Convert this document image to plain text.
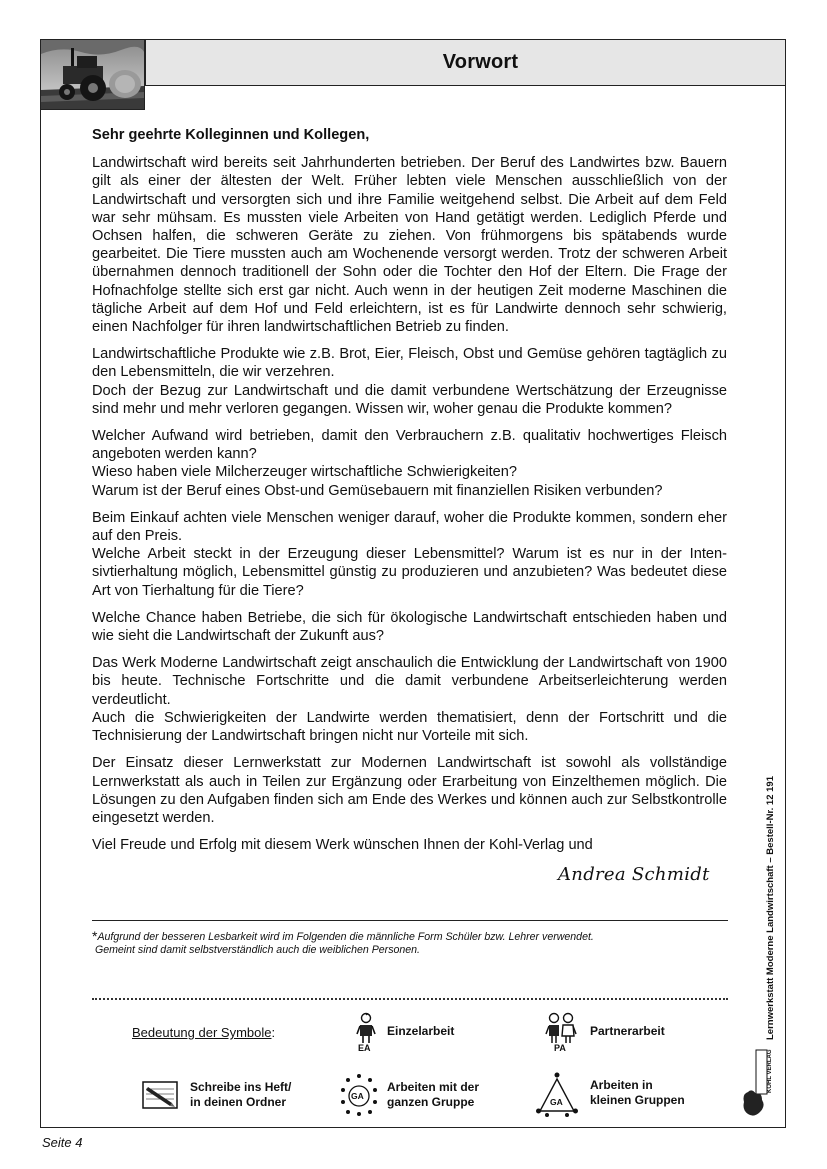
Vorwort

Sehr geehrte Kolleginnen und Kollegen,

Landwirtschaft wird bereits seit Jahrhunderten betrieben. Der Beruf des Landwirtes bzw. Bauern gilt als einer der ältesten der Welt. Früher lebten viele Menschen ausschließlich von der Landwirtschaft und versorgten sich und ihre Familie weitgehend selbst. Die Arbeit auf dem Feld war sehr mühsam. Es mussten viele Arbeiten von Hand getätigt werden. Lediglich Pferde und Ochsen halfen, die schweren Geräte zu ziehen. Von frühmorgens bis spätabends wurde gearbeitet. Die Tiere mussten auch am Wochenende versorgt werden. Trotz der schweren Arbeit übernahmen dennoch traditionell der Sohn oder die Tochter den Hof der Eltern. Die Frage der Hofnachfolge stellte sich erst gar nicht. Auch wenn in der heutigen Zeit moderne Maschinen die tägliche Arbeit auf dem Hof und Feld erleichtern, ist es für Landwirte dennoch sehr schwierig, einen Nachfolger für ihren landwirtschaftlichen Betrieb zu finden.

Landwirtschaftliche Produkte wie z.B. Brot, Eier, Fleisch, Obst und Gemüse gehören tagtäglich zu den Lebensmitteln, die wir verzehren.
Doch der Bezug zur Landwirtschaft und die damit verbundene Wertschätzung der Erzeugnisse sind mehr und mehr verloren gegangen. Wissen wir, woher genau die Produkte kommen?

Welcher Aufwand wird betrieben, damit den Verbrauchern z.B. qualitativ hochwertiges Fleisch angeboten werden kann?
Wieso haben viele Milcherzeuger wirtschaftliche Schwierigkeiten?
Warum ist der Beruf eines Obst-und Gemüsebauern mit finanziellen Risiken verbunden?

Beim Einkauf achten viele Menschen weniger darauf, woher die Produkte kommen, sondern eher auf den Preis.
Welche Arbeit steckt in der Erzeugung dieser Lebensmittel? Warum ist es nur in der Intensivtierhaltung möglich, Lebensmittel günstig zu produzieren und anzubieten? Was bedeutet diese Art von Tierhaltung für die Tiere?

Welche Chance haben Betriebe, die sich für ökologische Landwirtschaft entschieden haben und wie sieht die Landwirtschaft der Zukunft aus?

Das Werk Moderne Landwirtschaft zeigt anschaulich die Entwicklung der Landwirtschaft von 1900 bis heute. Technische Fortschritte und die damit verbundene Arbeitserleichterung werden verdeutlicht.
Auch die Schwierigkeiten der Landwirte werden thematisiert, denn der Fortschritt und die Technisierung der Landwirtschaft bringen nicht nur Vorteile mit sich.

Der Einsatz dieser Lernwerkstatt zur Modernen Landwirtschaft ist sowohl als vollständige Lernwerkstatt als auch in Teilen zur Ergänzung oder Erarbeitung von Einzelthemen möglich. Die Lösungen zu den Aufgaben finden sich am Ende des Werkes und können auch zur Selbstkontrolle eingesetzt werden.

Viel Freude und Erfolg mit diesem Werk wünschen Ihnen der Kohl-Verlag und

Andrea Schmidt
*Aufgrund der besseren Lesbarkeit wird im Folgenden die männliche Form Schüler bzw. Lehrer verwendet.
Gemeint sind damit selbstverständlich auch die weiblichen Personen.
Bedeutung der Symbole:
EA
Einzelarbeit
PA
Partnerarbeit
Schreibe ins Heft/
in deinen Ordner	GA
Arbeiten mit der
ganzen Gruppe	GA
Arbeiten in
kleinen Gruppen
Lernwerkstatt Moderne Landwirtschaft – Bestell-Nr. 12 191
KOHL VERLAG
Seite 4
